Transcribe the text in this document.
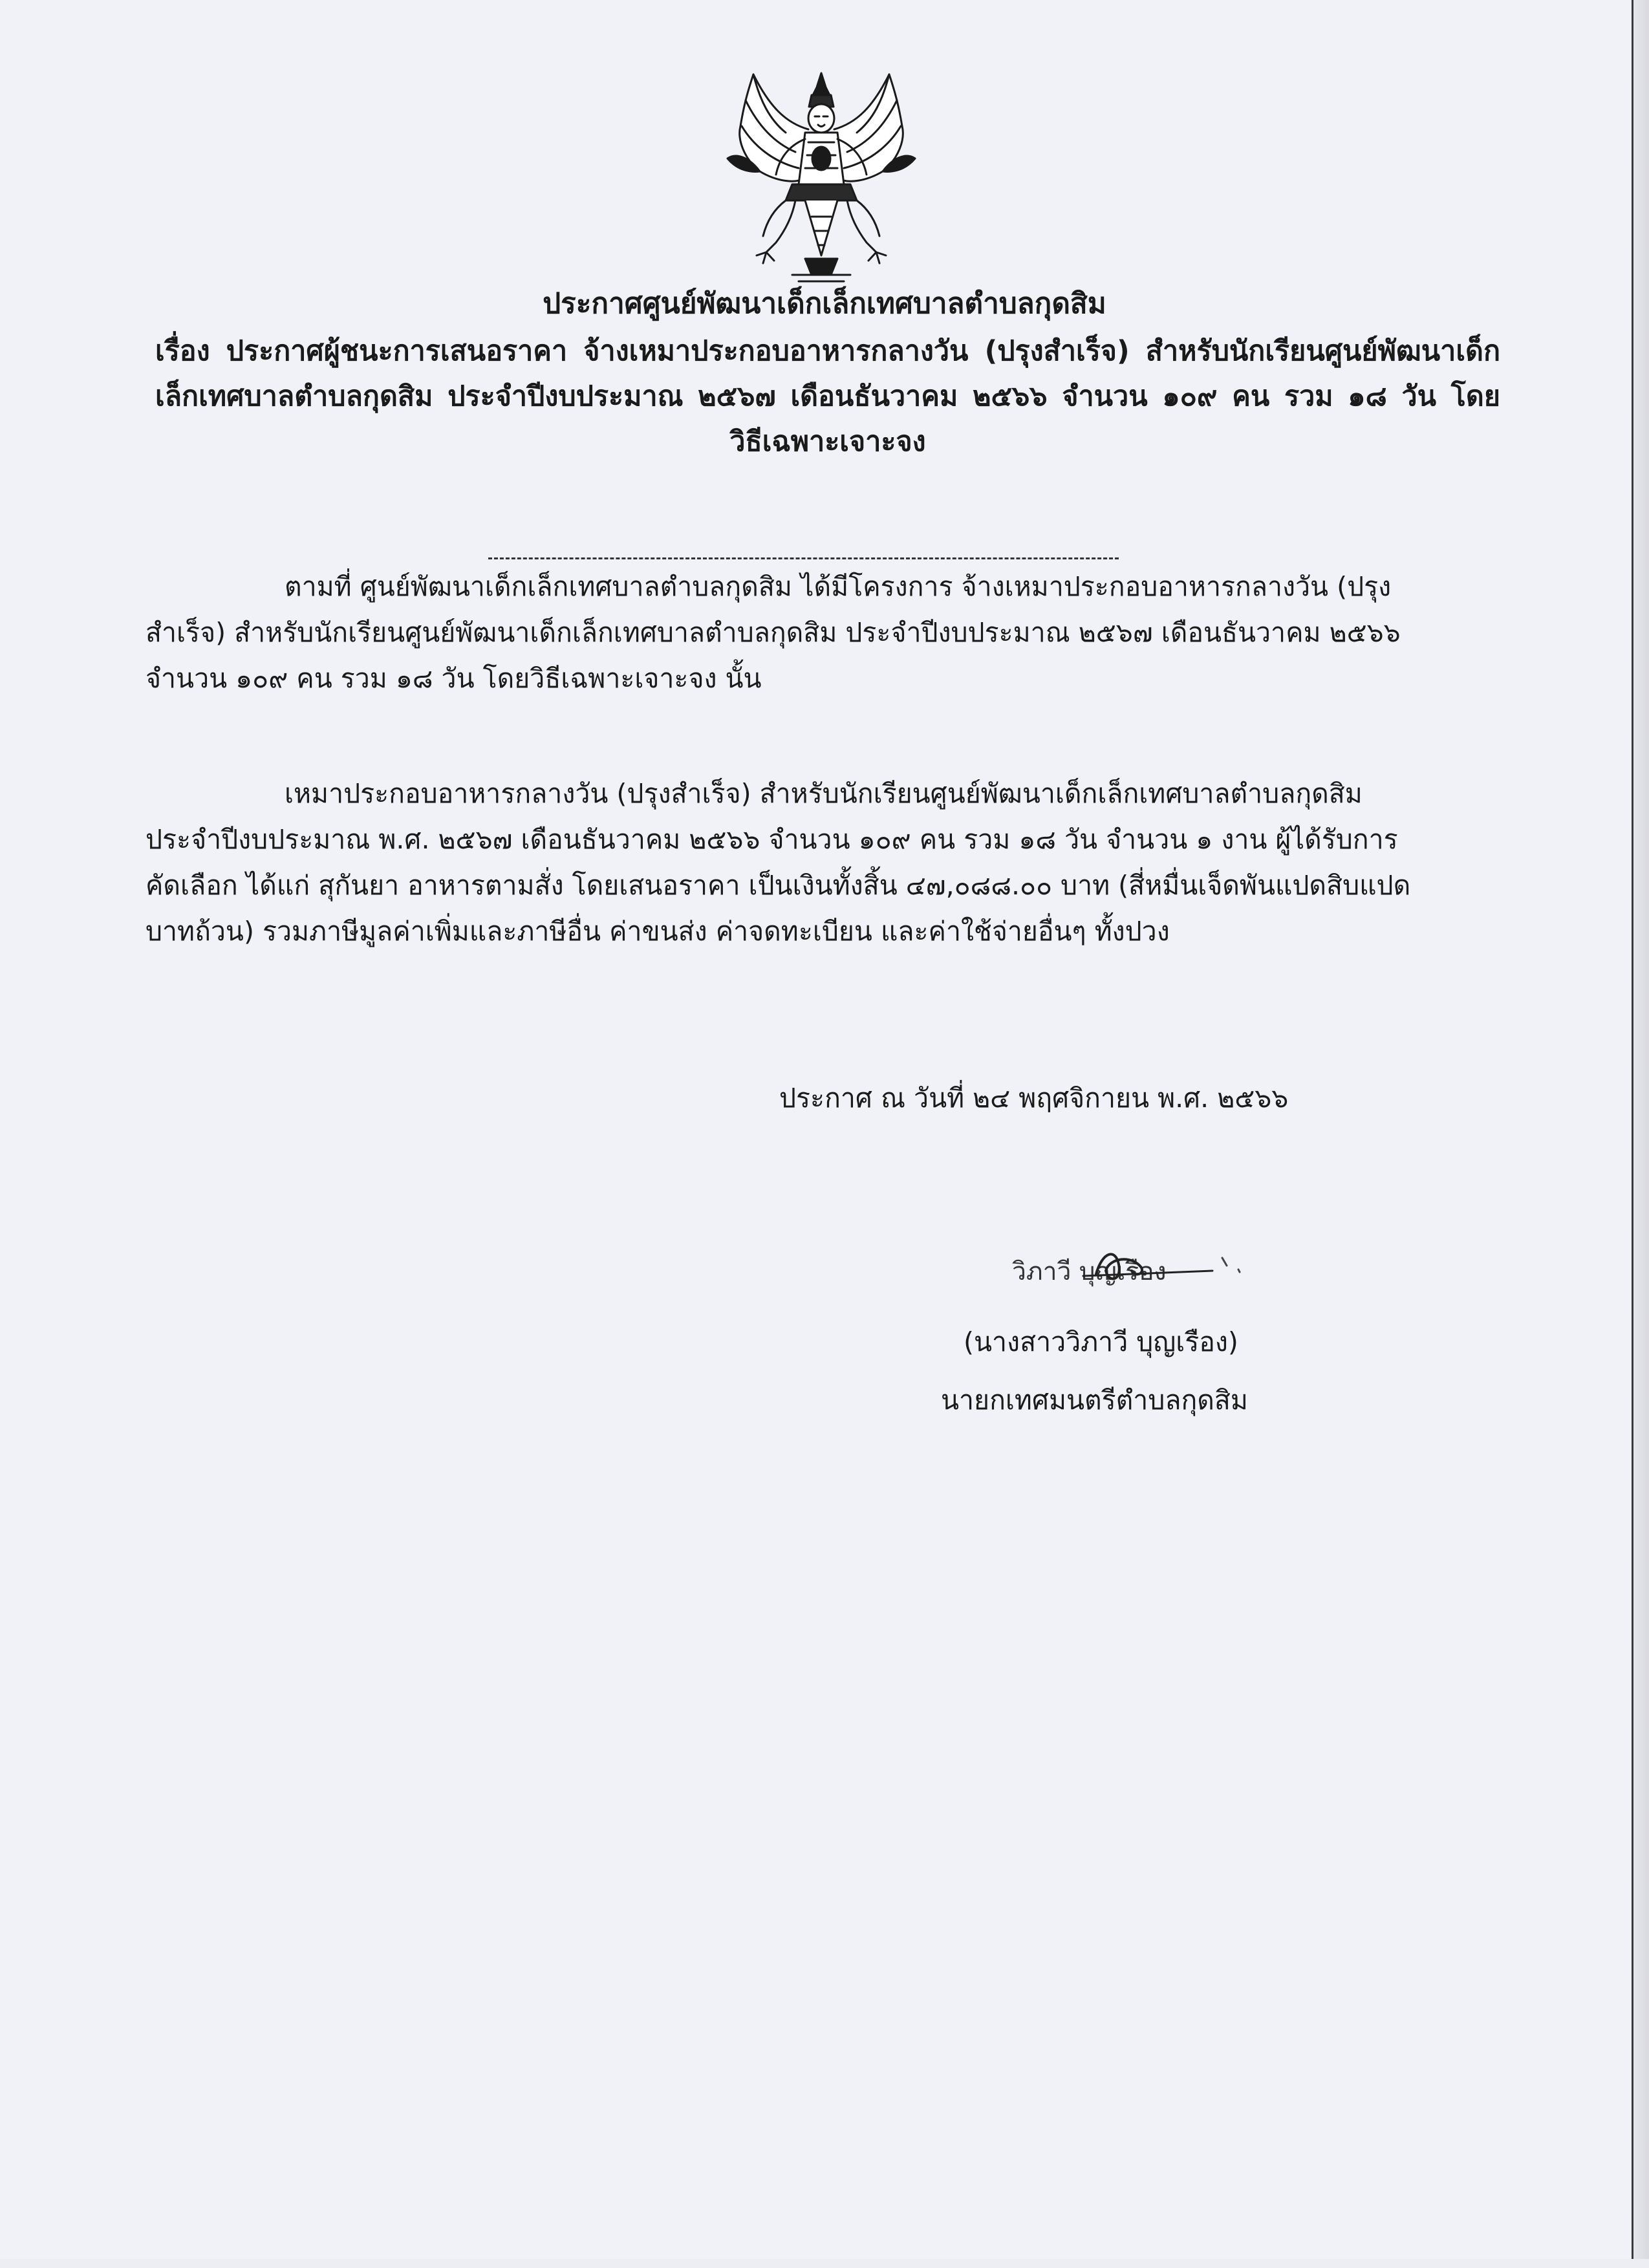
ประกาศศูนย์พัฒนาเด็กเล็กเทศบาลตำบลกุดสิม
เรื่อง ประกาศผู้ชนะการเสนอราคา จ้างเหมาประกอบอาหารกลางวัน (ปรุงสำเร็จ) สำหรับนักเรียนศูนย์พัฒนาเด็ก
เล็กเทศบาลตำบลกุดสิม ประจำปีงบประมาณ ๒๕๖๗ เดือนธันวาคม ๒๕๖๖ จำนวน ๑๐๙ คน รวม ๑๘ วัน โดย
วิธีเฉพาะเจาะจง
ตามที่ ศูนย์พัฒนาเด็กเล็กเทศบาลตำบลกุดสิม ได้มีโครงการ จ้างเหมาประกอบอาหารกลางวัน (ปรุง
สำเร็จ) สำหรับนักเรียนศูนย์พัฒนาเด็กเล็กเทศบาลตำบลกุดสิม ประจำปีงบประมาณ ๒๕๖๗ เดือนธันวาคม ๒๕๖๖
จำนวน ๑๐๙ คน รวม ๑๘ วัน โดยวิธีเฉพาะเจาะจง นั้น
เหมาประกอบอาหารกลางวัน (ปรุงสำเร็จ) สำหรับนักเรียนศูนย์พัฒนาเด็กเล็กเทศบาลตำบลกุดสิม
ประจำปีงบประมาณ พ.ศ. ๒๕๖๗ เดือนธันวาคม ๒๕๖๖ จำนวน ๑๐๙ คน รวม ๑๘ วัน จำนวน ๑ งาน ผู้ได้รับการ
คัดเลือก ได้แก่ สุกันยา อาหารตามสั่ง โดยเสนอราคา เป็นเงินทั้งสิ้น ๔๗,๐๘๘.๐๐ บาท (สี่หมื่นเจ็ดพันแปดสิบแปด
บาทถ้วน) รวมภาษีมูลค่าเพิ่มและภาษีอื่น ค่าขนส่ง ค่าจดทะเบียน และค่าใช้จ่ายอื่นๆ ทั้งปวง
ประกาศ ณ วันที่ ๒๔ พฤศจิกายน พ.ศ. ๒๕๖๖
วิภาวี บุญเรือง
(นางสาววิภาวี บุญเรือง)
นายกเทศมนตรีตำบลกุดสิม
